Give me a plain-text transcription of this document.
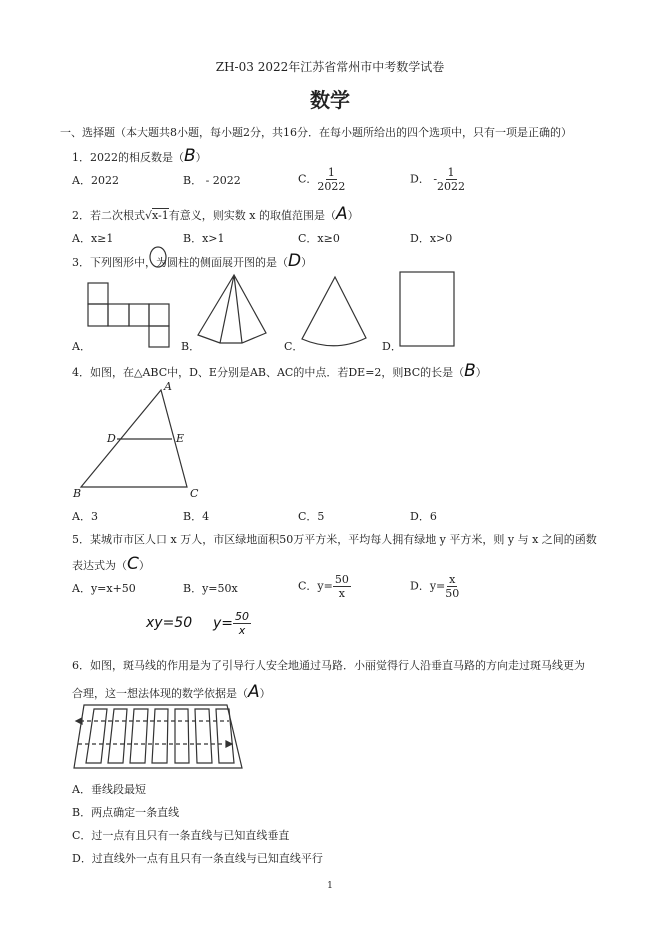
ZH-03 2022年江苏省常州市中考数学试卷
数学
一、选择题（本大题共8小题，每小题2分，共16分．在每小题所给出的四个选项中，只有一项是正确的）
1．2022的相反数是（B）
A．2022	B． - 2022	C． $\frac{1}{2022}$	D． - $\frac{1}{2022}$
2．若二次根式√x-1有意义，则实数 x 的取值范围是（A）
A．x≥1	B．x>1	C．x≥0	D．x>0
3．下列图形中，为圆柱的侧面展开图的是（D）
A．	B．	C．	D．
4．如图，在△ABC中，D、E分别是AB、AC的中点．若DE=2，则BC的长是（B）
A
B	C
D	E
A．3	B．4	C．5	D．6
5．某城市市区人口 x 万人，市区绿地面积50万平方米，平均每人拥有绿地 y 平方米，则 y 与 x 之间的函数
表达式为（C）
A．y=x+50	B．y=50x	C．$y= \frac{50}{x}$	D．$y= \frac{x}{50}$
xy=50 $y= \frac{50}{x}$
6．如图，斑马线的作用是为了引导行人安全地通过马路．小丽觉得行人沿垂直马路的方向走过斑马线更为
合理，这一想法体现的数学依据是（A）
A．垂线段最短
B．两点确定一条直线
C．过一点有且只有一条直线与已知直线垂直
D．过直线外一点有且只有一条直线与已知直线平行
1
